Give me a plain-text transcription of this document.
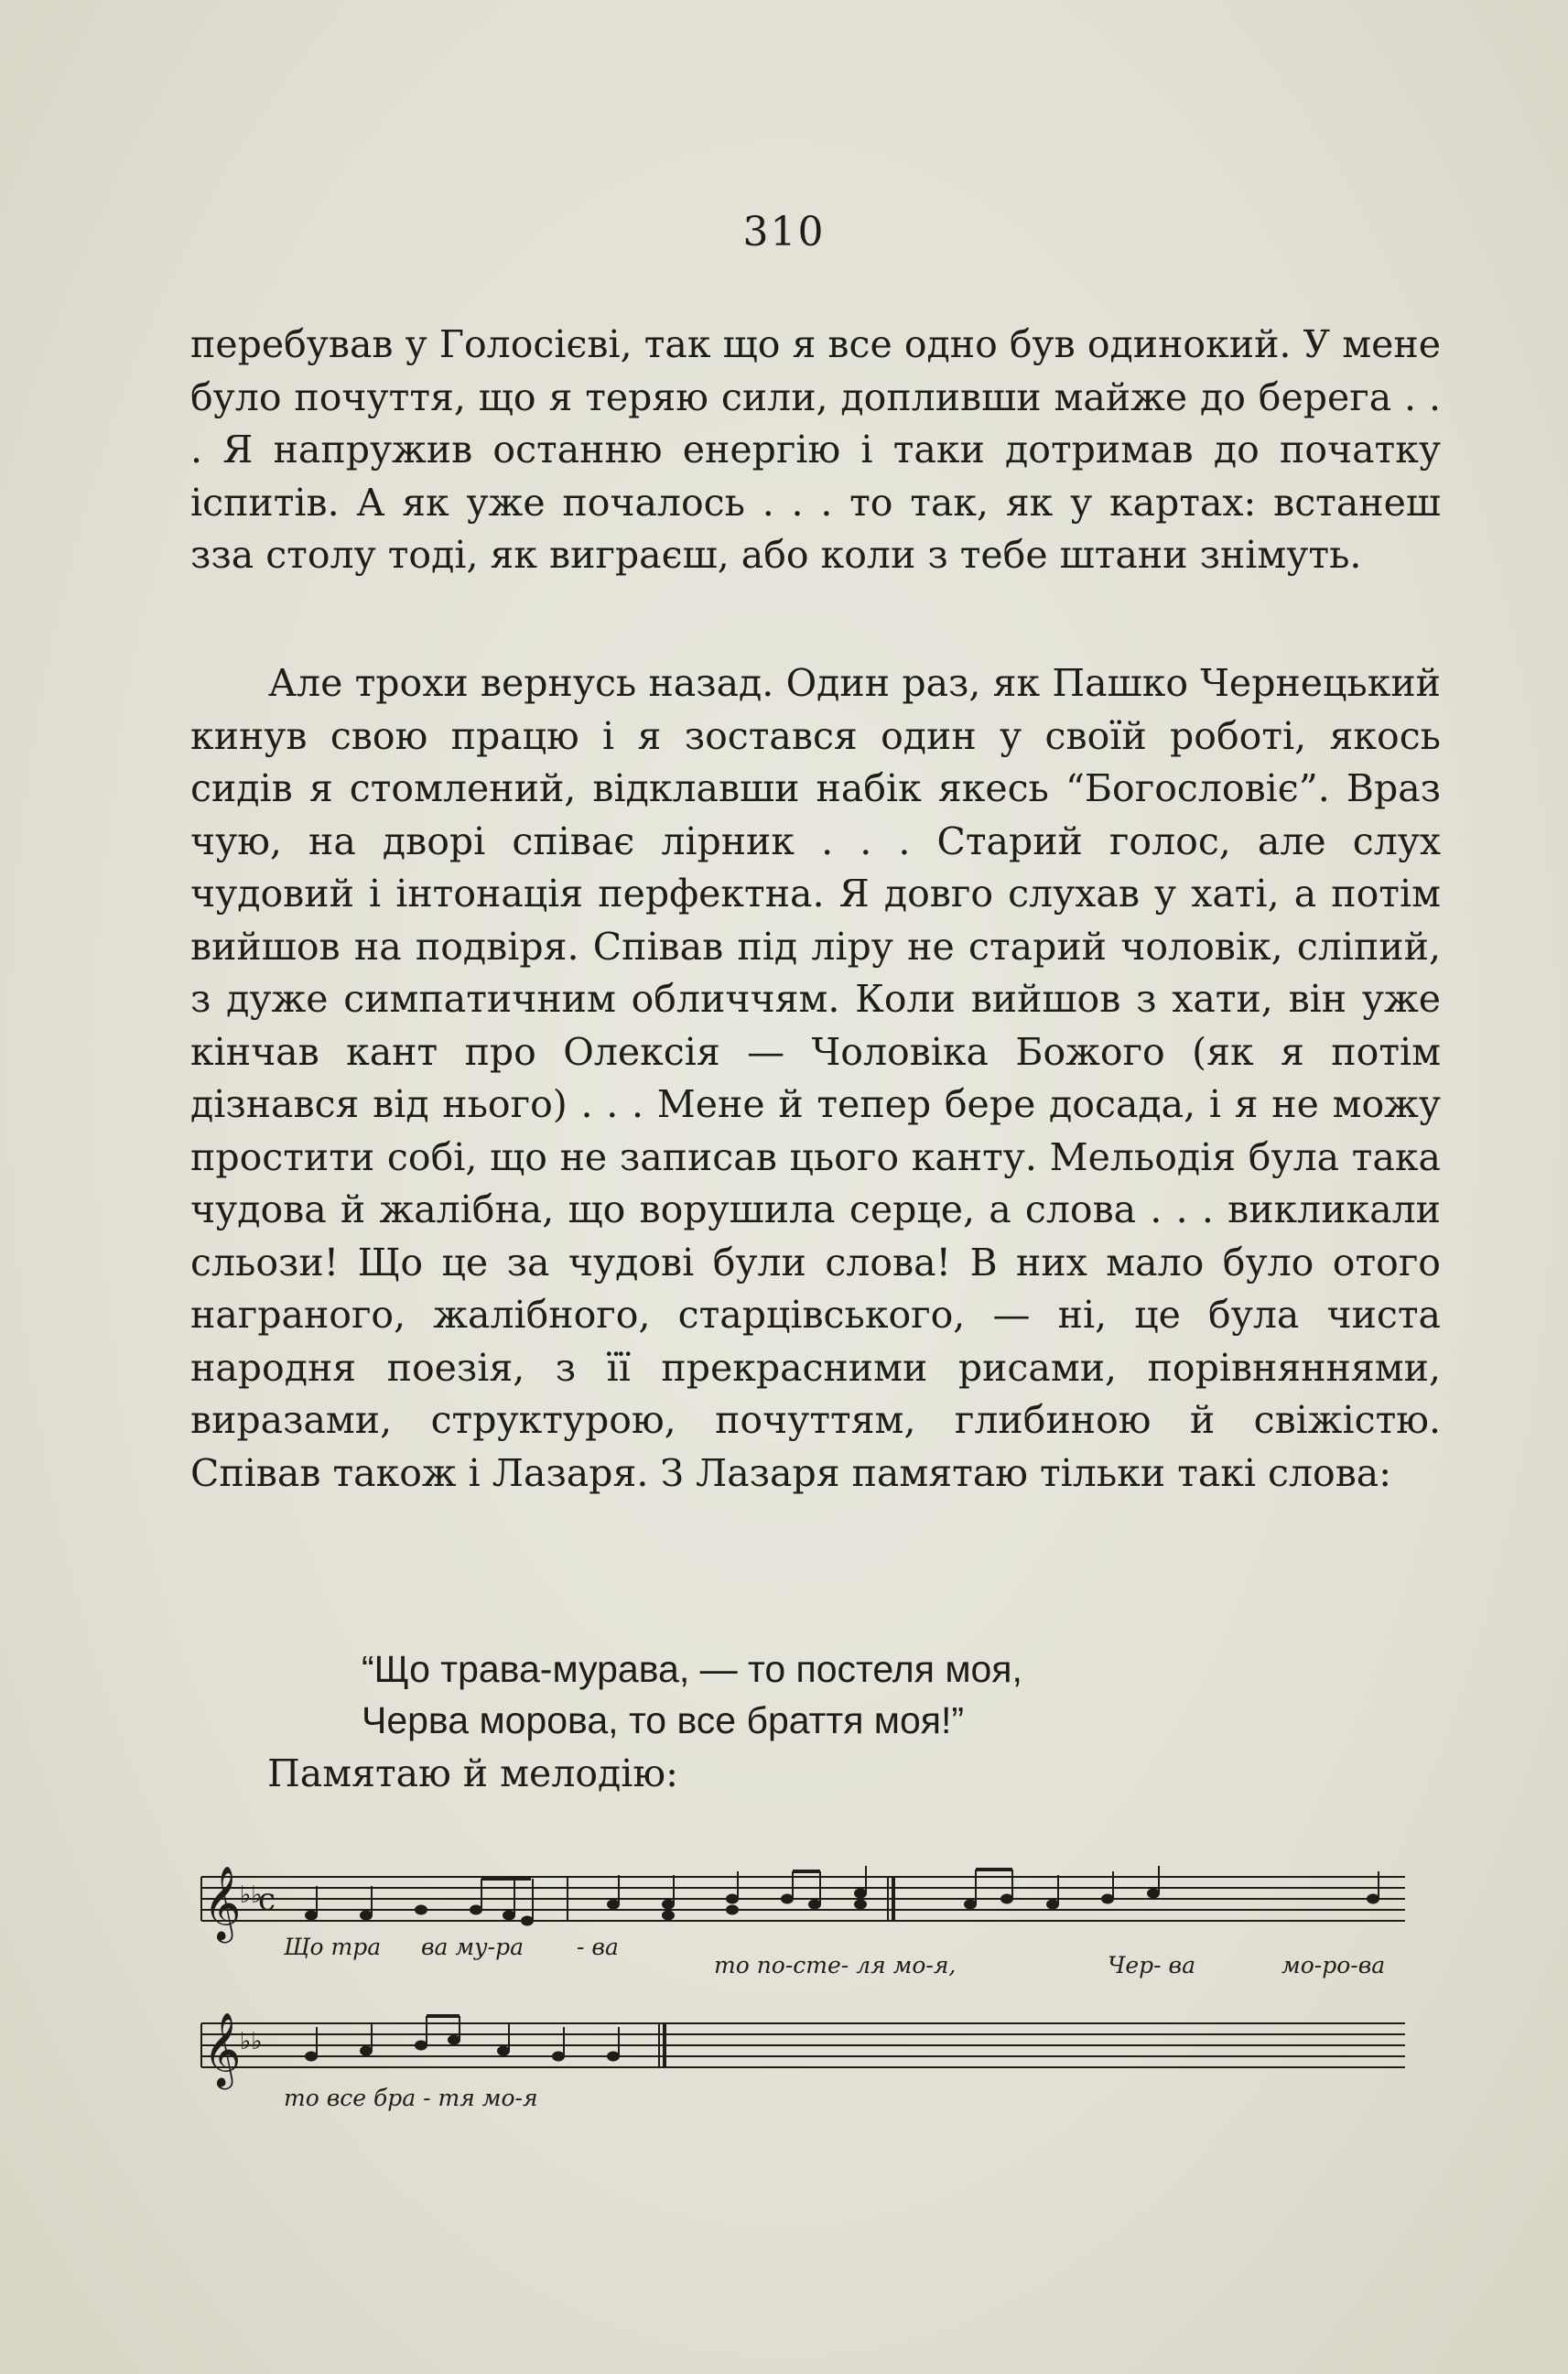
310

перебував у Голосієві, так що я все одно був одинокий. У мене було почуття, що я теряю сили, допливши майже до берега . . . Я напружив останню енергію і таки дотримав до початку іспитів. А як уже почалось . . . то так, як у картах: встанеш зза столу тоді, як виграєш, або коли з тебе штани знімуть.

Але трохи вернусь назад. Один раз, як Пашко Чернецький кинув свою працю і я зостався один у своїй роботі, якось сидів я стомлений, відклавши набік якесь “Богословіє”. Враз чую, на дворі співає лірник . . . Старий голос, але слух чудовий і інтонація перфектна. Я довго слухав у хаті, а потім вийшов на подвіря. Співав під ліру не старий чоловік, сліпий, з дуже симпатичним обличчям. Коли вийшов з хати, він уже кінчав кант про Олексія — Чоловіка Божого (як я потім дізнався від нього) . . . Мене й тепер бере досада, і я не можу простити собі, що не записав цього канту. Мельодія була така чудова й жалібна, що ворушила серце, а слова . . . викликали сльози! Що це за чудові були слова! В них мало було отого награного, жалібного, старцівського, — ні, це була чиста народня поезія, з її прекрасними рисами, порівняннями, виразами, структурою, почуттям, глибиною й свіжістю. Співав також і Лазаря. З Лазаря памятаю тільки такі слова:

“Що трава-мурава, — то постеля моя,
Черва морова, то все браття моя!”
Памятаю й мелодію:
𝄞
♭♭
c
Що тра ва му-ра - ва
то по-сте- ля мо-я,	Чер- ва	мо-ро-ва
𝄞
♭♭
то все бра - тя мо-я
